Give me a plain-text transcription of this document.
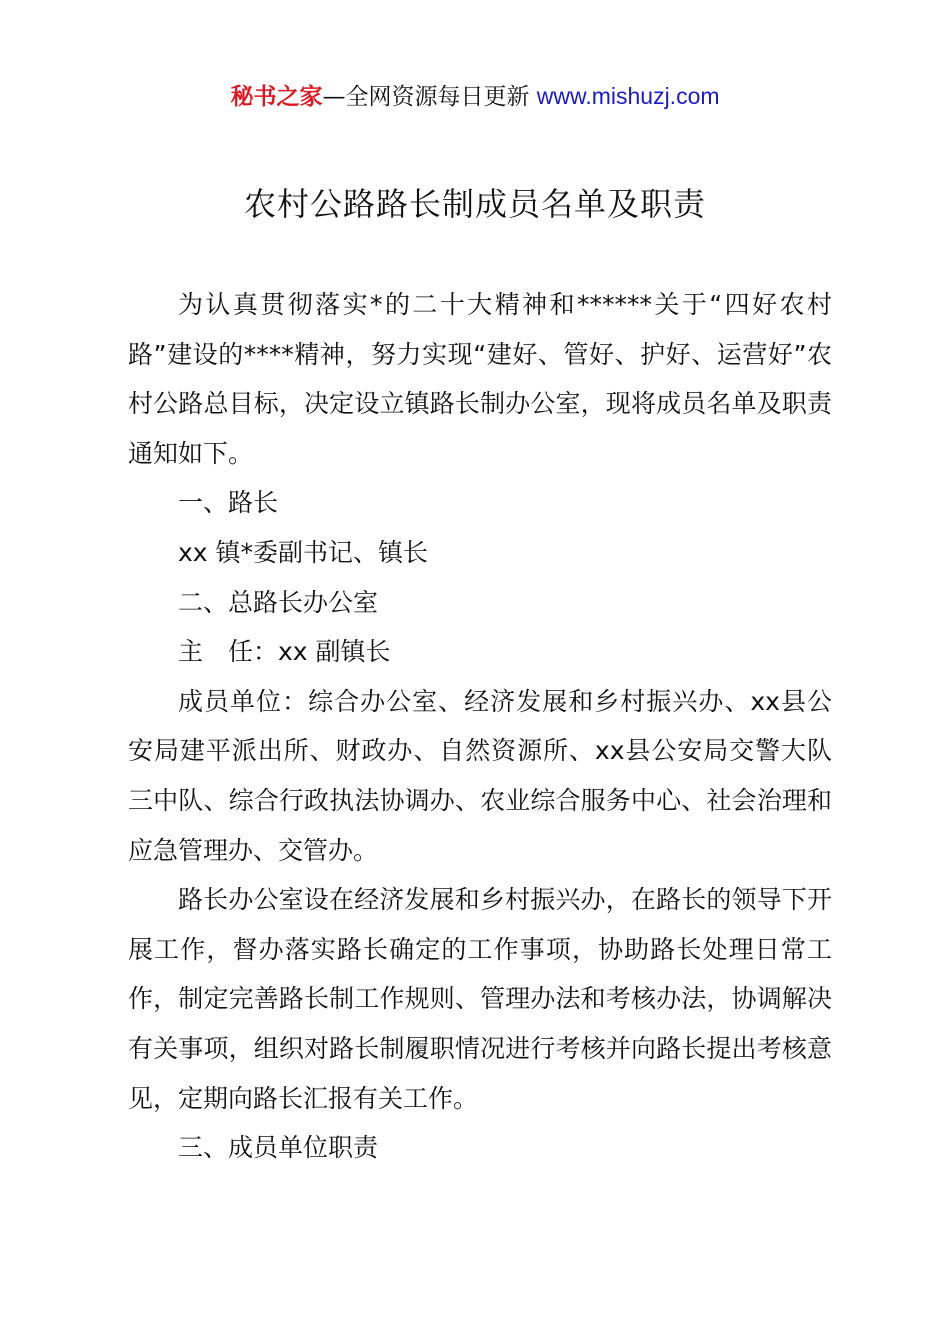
秘书之家—全网资源每日更新 www.mishuzj.com
农村公路路长制成员名单及职责

为认真贯彻落实*的二十大精神和******关于“四好农村路”建设的****精神，努力实现“建好、管好、护好、运营好”农村公路总目标，决定设立镇路长制办公室，现将成员名单及职责通知如下。

一、路长

xx 镇*委副书记、镇长

二、总路长办公室

主　任：xx 副镇长

成员单位：综合办公室、经济发展和乡村振兴办、xx县公安局建平派出所、财政办、自然资源所、xx县公安局交警大队三中队、综合行政执法协调办、农业综合服务中心、社会治理和应急管理办、交管办。

路长办公室设在经济发展和乡村振兴办，在路长的领导下开展工作，督办落实路长确定的工作事项，协助路长处理日常工作，制定完善路长制工作规则、管理办法和考核办法，协调解决有关事项，组织对路长制履职情况进行考核并向路长提出考核意见，定期向路长汇报有关工作。

三、成员单位职责
